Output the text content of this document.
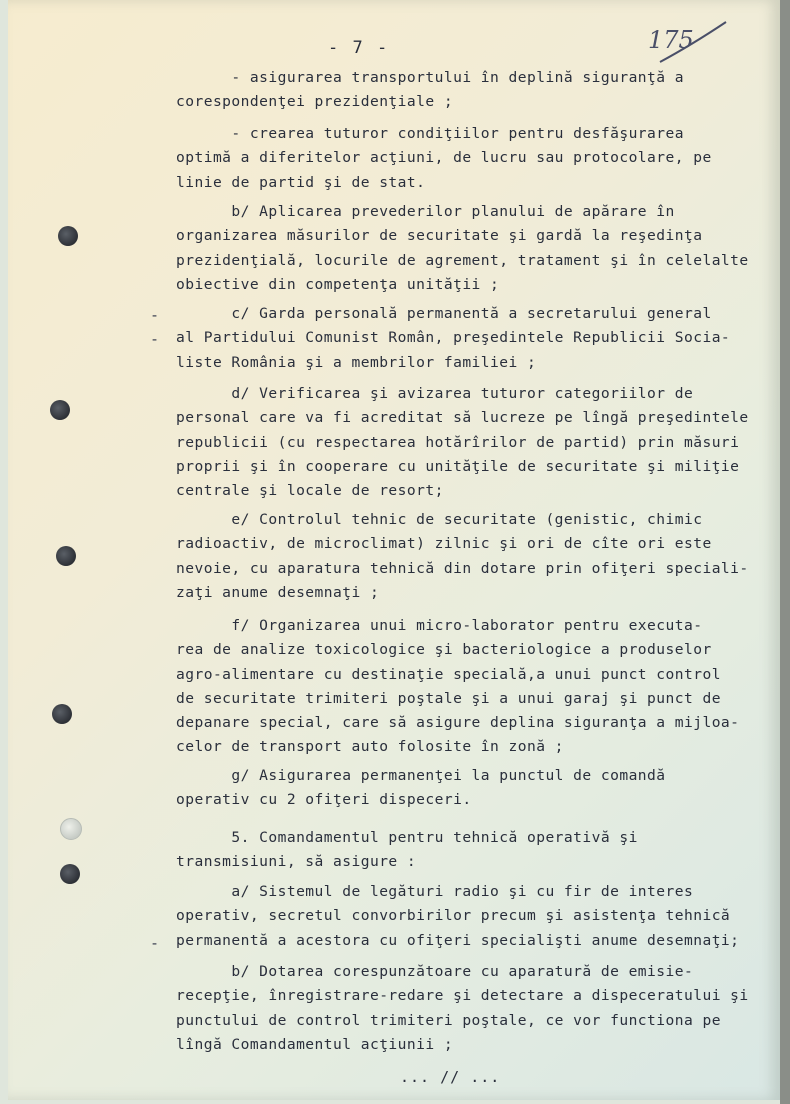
- 7 -	175
-
-
-
- asigurarea transportului în deplină siguranţă a
corespondenţei prezidenţiale ;
- crearea tuturor condiţiilor pentru desfăşurarea
optimă a diferitelor acţiuni, de lucru sau protocolare, pe
linie de partid şi de stat.
b/ Aplicarea prevederilor planului de apărare în
organizarea măsurilor de securitate şi gardă la reşedinţa
prezidenţială, locurile de agrement, tratament şi în celelalte
obiective din competenţa unităţii ;
c/ Garda personală permanentă a secretarului general
al Partidului Comunist Român, preşedintele Republicii Socia-
liste România şi a membrilor familiei ;
d/ Verificarea şi avizarea tuturor categoriilor de
personal care va fi acreditat să lucreze pe lîngă preşedintele
republicii (cu respectarea hotărîrilor de partid) prin măsuri
proprii şi în cooperare cu unităţile de securitate şi miliţie
centrale şi locale de resort;
e/ Controlul tehnic de securitate (genistic, chimic
radioactiv, de microclimat) zilnic şi ori de cîte ori este
nevoie, cu aparatura tehnică din dotare prin ofiţeri speciali-
zaţi anume desemnaţi ;
f/ Organizarea unui micro-laborator pentru executa-
rea de analize toxicologice şi bacteriologice a produselor
agro-alimentare cu destinaţie specială,a unui punct control
de securitate trimiteri poştale şi a unui garaj şi punct de
depanare special, care să asigure deplina siguranţa a mijloa-
celor de transport auto folosite în zonă ;
g/ Asigurarea permanenţei la punctul de comandă
operativ cu 2 ofiţeri dispeceri.
5. Comandamentul pentru tehnică operativă şi
transmisiuni, să asigure :
a/ Sistemul de legături radio şi cu fir de interes
operativ, secretul convorbirilor precum şi asistenţa tehnică
permanentă a acestora cu ofiţeri specialişti anume desemnaţi;
b/ Dotarea corespunzătoare cu aparatură de emisie-
recepţie, înregistrare-redare şi detectare a dispeceratului şi
punctului de control trimiteri poştale, ce vor functiona pe
lîngă Comandamentul acţiunii ;
... // ...
